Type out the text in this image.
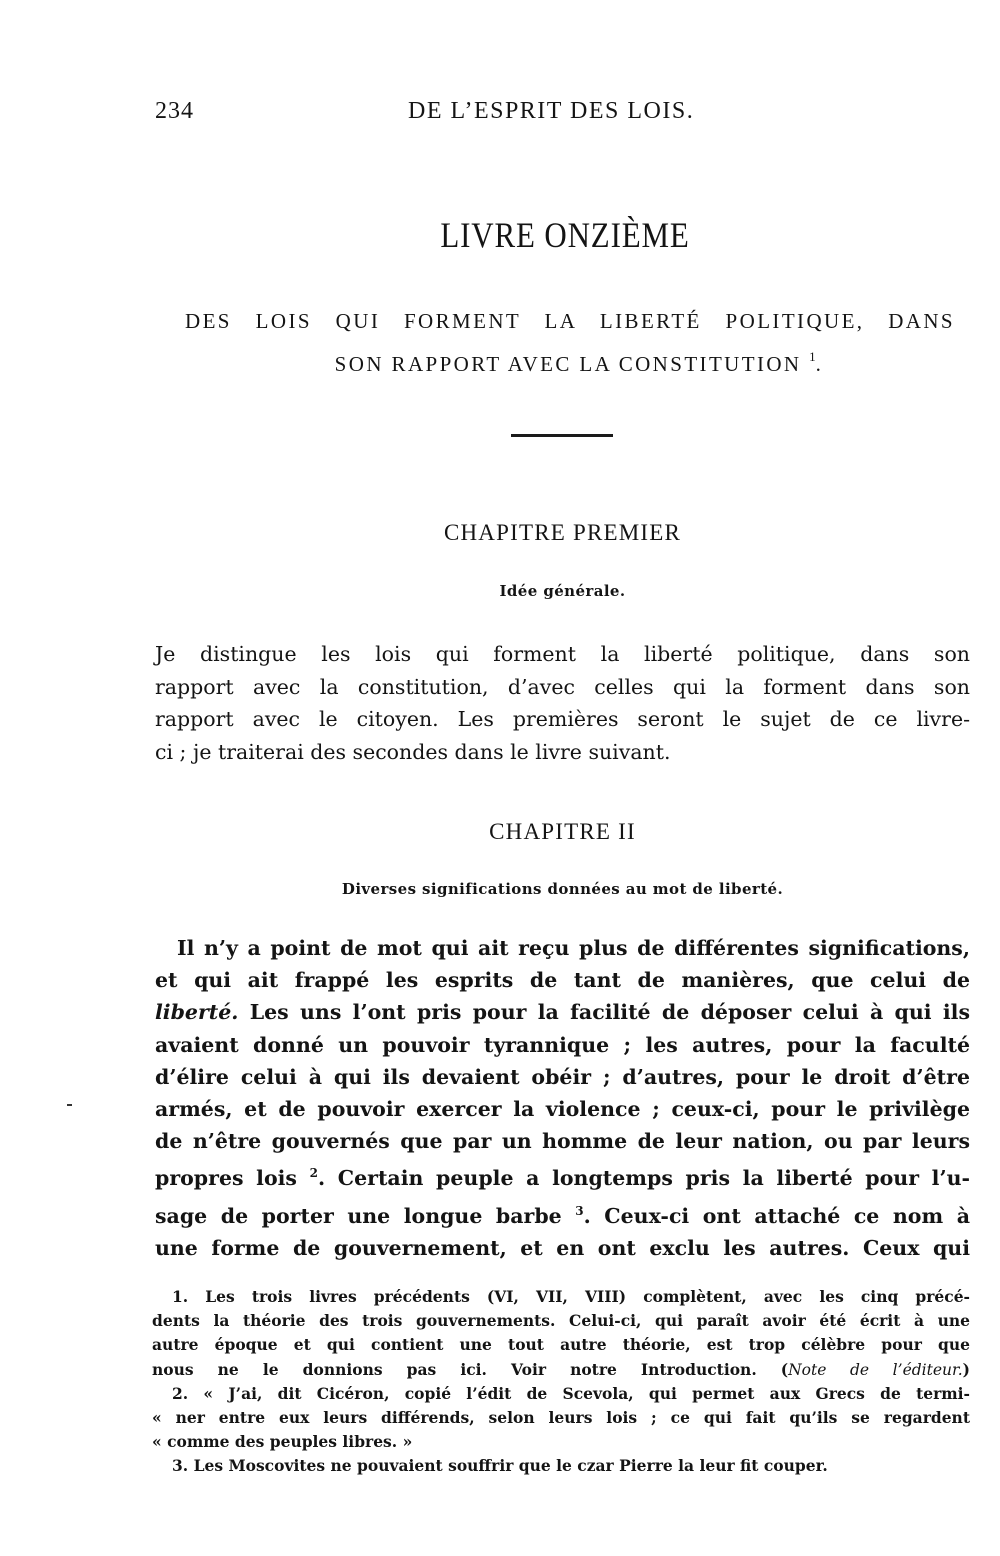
234	DE L’ESPRIT DES LOIS.
LIVRE ONZIÈME
DES LOIS QUI FORMENT LA LIBERTÉ POLITIQUE, DANS
SON RAPPORT AVEC LA CONSTITUTION $^1$.
CHAPITRE PREMIER
Idée générale.
Je distingue les lois qui forment la liberté politique, dans son
rapport avec la constitution, d’avec celles qui la forment dans son
rapport avec le citoyen. Les premières seront le sujet de ce livre-
ci ; je traiterai des secondes dans le livre suivant.
CHAPITRE II
Diverses significations données au mot de liberté.
Il n’y a point de mot qui ait reçu plus de différentes significations,
et qui ait frappé les esprits de tant de manières, que celui de
liberté. Les uns l’ont pris pour la facilité de déposer celui à qui ils
avaient donné un pouvoir tyrannique ; les autres, pour la faculté
d’élire celui à qui ils devaient obéir ; d’autres, pour le droit d’être
armés, et de pouvoir exercer la violence ; ceux-ci, pour le privilège
de n’être gouvernés que par un homme de leur nation, ou par leurs
propres lois $^2$. Certain peuple a longtemps pris la liberté pour l’u-
sage de porter une longue barbe $^3$. Ceux-ci ont attaché ce nom à
une forme de gouvernement, et en ont exclu les autres. Ceux qui
1. Les trois livres précédents (VI, VII, VIII) complètent, avec les cinq précé-
dents la théorie des trois gouvernements. Celui-ci, qui paraît avoir été écrit à une
autre époque et qui contient une tout autre théorie, est trop célèbre pour que
nous ne le donnions pas ici. Voir notre Introduction. (Note de l’éditeur.)
2. « J’ai, dit Cicéron, copié l’édit de Scevola, qui permet aux Grecs de termi-
« ner entre eux leurs différends, selon leurs lois ; ce qui fait qu’ils se regardent
« comme des peuples libres. »
3. Les Moscovites ne pouvaient souffrir que le czar Pierre la leur fit couper.
